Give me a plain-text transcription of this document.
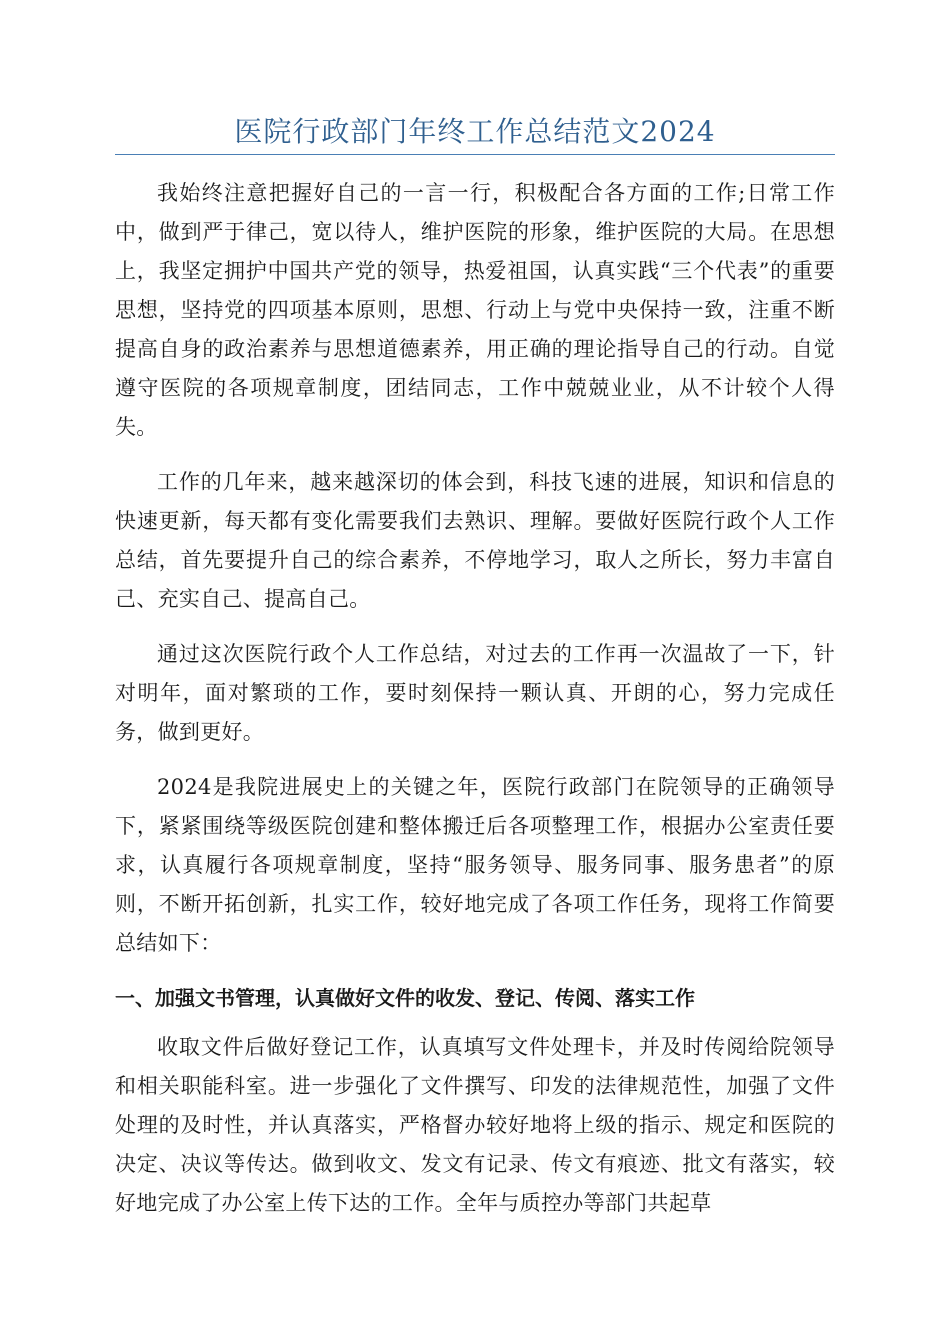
医院行政部门年终工作总结范文2024

我始终注意把握好自己的一言一行，积极配合各方面的工作;日常工作中，做到严于律己，宽以待人，维护医院的形象，维护医院的大局。在思想上，我坚定拥护中国共产党的领导，热爱祖国，认真实践“三个代表”的重要思想，坚持党的四项基本原则，思想、行动上与党中央保持一致，注重不断提高自身的政治素养与思想道德素养，用正确的理论指导自己的行动。自觉遵守医院的各项规章制度，团结同志，工作中兢兢业业，从不计较个人得失。

工作的几年来，越来越深切的体会到，科技飞速的进展，知识和信息的快速更新，每天都有变化需要我们去熟识、理解。要做好医院行政个人工作总结，首先要提升自己的综合素养，不停地学习，取人之所长，努力丰富自己、充实自己、提高自己。

通过这次医院行政个人工作总结，对过去的工作再一次温故了一下，针对明年，面对繁琐的工作，要时刻保持一颗认真、开朗的心，努力完成任务，做到更好。

2024是我院进展史上的关键之年，医院行政部门在院领导的正确领导下，紧紧围绕等级医院创建和整体搬迁后各项整理工作，根据办公室责任要求，认真履行各项规章制度，坚持“服务领导、服务同事、服务患者”的原则，不断开拓创新，扎实工作，较好地完成了各项工作任务，现将工作简要总结如下：

一、加强文书管理，认真做好文件的收发、登记、传阅、落实工作

收取文件后做好登记工作，认真填写文件处理卡，并及时传阅给院领导和相关职能科室。进一步强化了文件撰写、印发的法律规范性，加强了文件处理的及时性，并认真落实，严格督办较好地将上级的指示、规定和医院的决定、决议等传达。做到收文、发文有记录、传文有痕迹、批文有落实，较好地完成了办公室上传下达的工作。全年与质控办等部门共起草
